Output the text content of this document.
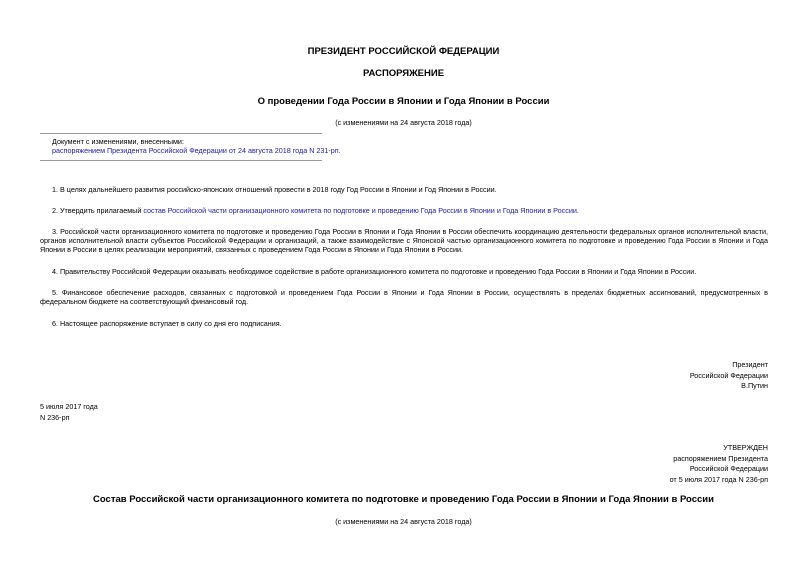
ПРЕЗИДЕНТ РОССИЙСКОЙ ФЕДЕРАЦИИ
РАСПОРЯЖЕНИЕ
О проведении Года России в Японии и Года Японии в России
(с изменениями на 24 августа 2018 года)
Документ с изменениями, внесенными:
распоряжением Президента Российской Федерации от 24 августа 2018 года N 231-рп.
1. В целях дальнейшего развития российско-японских отношений провести в 2018 году Год России в Японии и Год Японии в России.
2. Утвердить прилагаемый состав Российской части организационного комитета по подготовке и проведению Года России в Японии и Года Японии в России.
3. Российской части организационного комитета по подготовке и проведению Года России в Японии и Года Японии в России обеспечить координацию деятельности федеральных органов исполнительной власти, органов исполнительной власти субъектов Российской Федерации и организаций, а также взаимодействие с Японской частью организационного комитета по подготовке и проведению Года России в Японии и Года Японии в России в целях реализации мероприятий, связанных с проведением Года России в Японии и Года Японии в России.
4. Правительству Российской Федерации оказывать необходимое содействие в работе организационного комитета по подготовке и проведению Года России в Японии и Года Японии в России.
5. Финансовое обеспечение расходов, связанных с подготовкой и проведением Года России в Японии и Года Японии в России, осуществлять в пределах бюджетных ассигнований, предусмотренных в федеральном бюджете на соответствующий финансовый год.
6. Настоящее распоряжение вступает в силу со дня его подписания.
Президент
Российской Федерации
В.Путин
5 июля 2017 года
N 236-рп
УТВЕРЖДЕН
распоряжением Президента
Российской Федерации
от 5 июля 2017 года N 236-рп
Состав Российской части организационного комитета по подготовке и проведению Года России в Японии и Года Японии в России
(с изменениями на 24 августа 2018 года)
